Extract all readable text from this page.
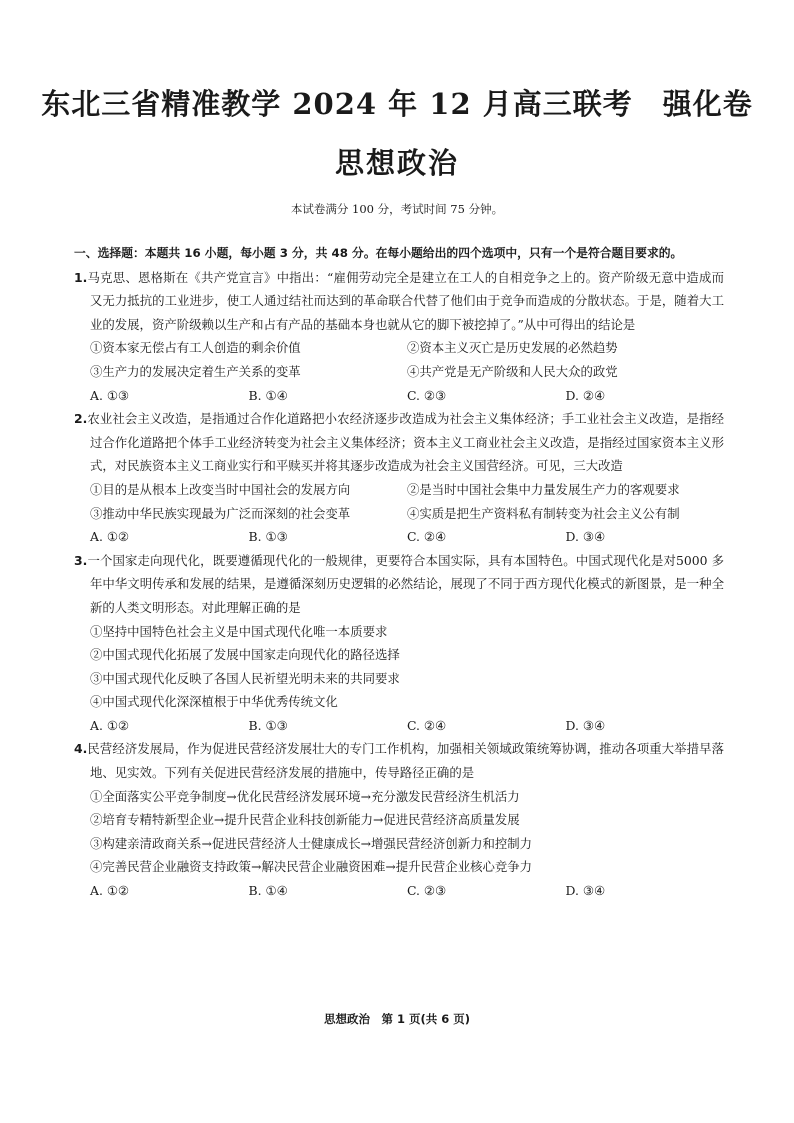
东北三省精准教学 2024 年 12 月高三联考　强化卷
思想政治
本试卷满分 100 分，考试时间 75 分钟。
一、选择题：本题共 16 小题，每小题 3 分，共 48 分。在每小题给出的四个选项中，只有一个是符合题目要求的。
1.马克思、恩格斯在《共产党宣言》中指出：“雇佣劳动完全是建立在工人的自相竞争之上的。资产阶级无意中造成而又无力抵抗的工业进步，使工人通过结社而达到的革命联合代替了他们由于竞争而造成的分散状态。于是，随着大工业的发展，资产阶级赖以生产和占有产品的基础本身也就从它的脚下被挖掉了。”从中可得出的结论是
①资本家无偿占有工人创造的剩余价值	②资本主义灭亡是历史发展的必然趋势
③生产力的发展决定着生产关系的变革	④共产党是无产阶级和人民大众的政党
A. ①③	B. ①④	C. ②③	D. ②④
2.农业社会主义改造，是指通过合作化道路把小农经济逐步改造成为社会主义集体经济；手工业社会主义改造，是指经过合作化道路把个体手工业经济转变为社会主义集体经济；资本主义工商业社会主义改造，是指经过国家资本主义形式，对民族资本主义工商业实行和平赎买并将其逐步改造成为社会主义国营经济。可见，三大改造
①目的是从根本上改变当时中国社会的发展方向	②是当时中国社会集中力量发展生产力的客观要求
③推动中华民族实现最为广泛而深刻的社会变革	④实质是把生产资料私有制转变为社会主义公有制
A. ①②	B. ①③	C. ②④	D. ③④
3.一个国家走向现代化，既要遵循现代化的一般规律，更要符合本国实际，具有本国特色。中国式现代化是对5000 多年中华文明传承和发展的结果，是遵循深刻历史逻辑的必然结论，展现了不同于西方现代化模式的新图景，是一种全新的人类文明形态。对此理解正确的是
①坚持中国特色社会主义是中国式现代化唯一本质要求
②中国式现代化拓展了发展中国家走向现代化的路径选择
③中国式现代化反映了各国人民祈望光明未来的共同要求
④中国式现代化深深植根于中华优秀传统文化
A. ①②	B. ①③	C. ②④	D. ③④
4.民营经济发展局，作为促进民营经济发展壮大的专门工作机构，加强相关领域政策统筹协调，推动各项重大举措早落地、见实效。下列有关促进民营经济发展的措施中，传导路径正确的是
①全面落实公平竞争制度→优化民营经济发展环境→充分激发民营经济生机活力
②培育专精特新型企业→提升民营企业科技创新能力→促进民营经济高质量发展
③构建亲清政商关系→促进民营经济人士健康成长→增强民营经济创新力和控制力
④完善民营企业融资支持政策→解决民营企业融资困难→提升民营企业核心竞争力
A. ①②	B. ①④	C. ②③	D. ③④
思想政治　第 1 页(共 6 页)
